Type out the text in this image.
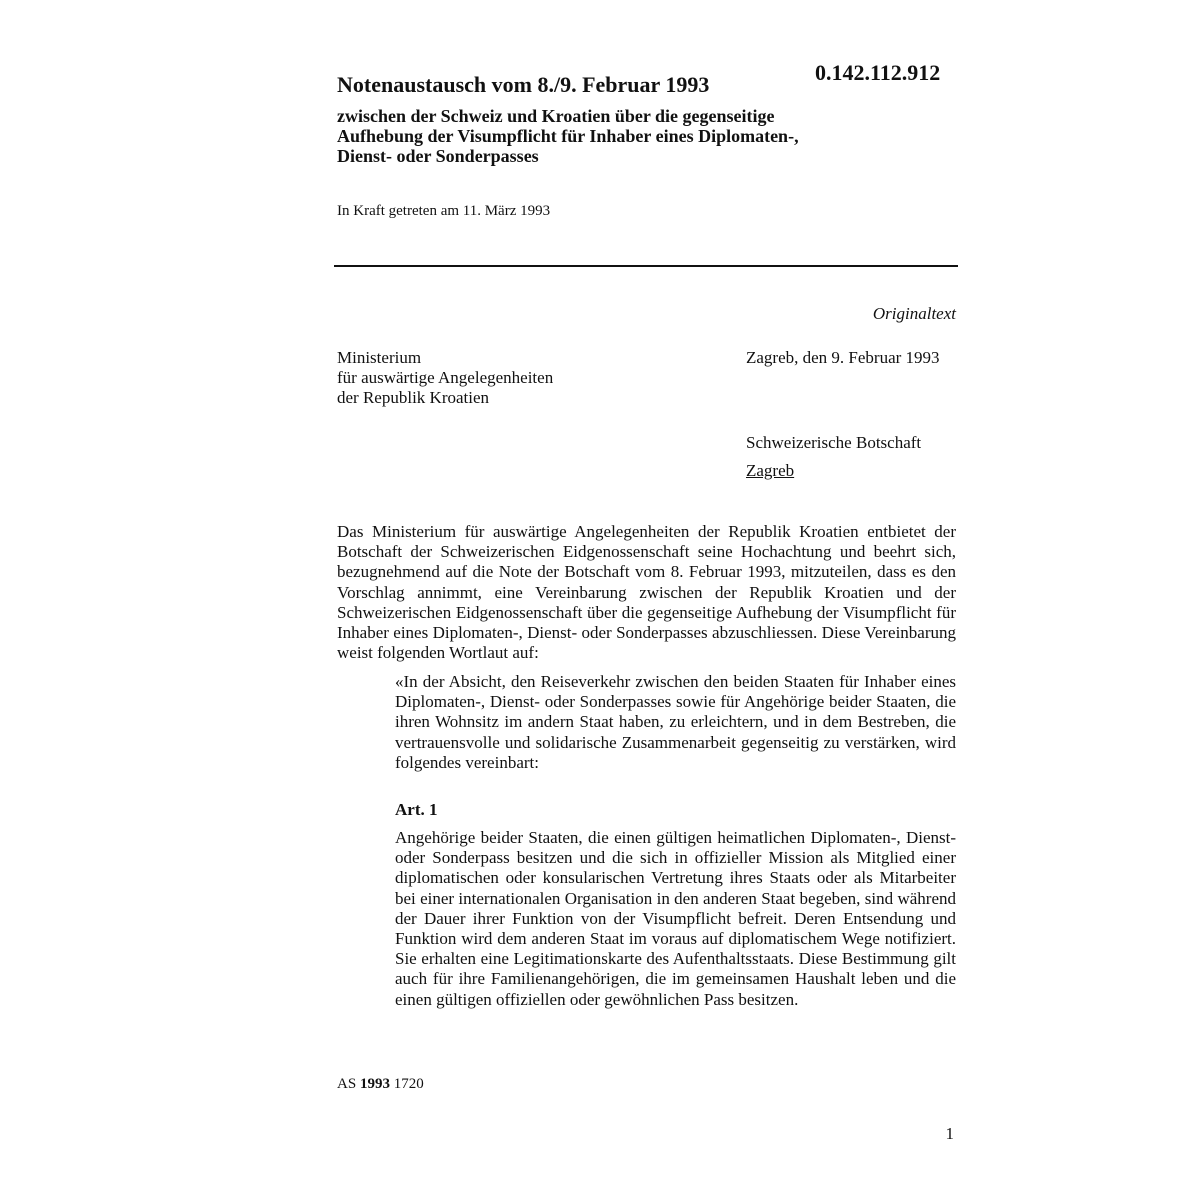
0.142.112.912
Notenaustausch vom 8./9. Februar 1993
zwischen der Schweiz und Kroatien über die gegenseitige Aufhebung der Visumpflicht für Inhaber eines Diplomaten-, Dienst- oder Sonderpasses
In Kraft getreten am 11. März 1993
Originaltext
Ministerium
für auswärtige Angelegenheiten
der Republik Kroatien
Zagreb, den 9. Februar 1993
Schweizerische Botschaft
Zagreb

Das Ministerium für auswärtige Angelegenheiten der Republik Kroatien entbietet der Botschaft der Schweizerischen Eidgenossenschaft seine Hochachtung und beehrt sich, bezugnehmend auf die Note der Botschaft vom 8. Februar 1993, mitzuteilen, dass es den Vorschlag annimmt, eine Vereinbarung zwischen der Republik Kroatien und der Schweizerischen Eidgenossenschaft über die gegenseitige Aufhebung der Visumpflicht für Inhaber eines Diplomaten-, Dienst- oder Sonderpasses abzuschliessen. Diese Vereinbarung weist folgenden Wortlaut auf:

«In der Absicht, den Reiseverkehr zwischen den beiden Staaten für Inhaber eines Diplomaten-, Dienst- oder Sonderpasses sowie für Angehörige beider Staaten, die ihren Wohnsitz im andern Staat haben, zu erleichtern, und in dem Bestreben, die vertrauensvolle und solidarische Zusammenarbeit gegenseitig zu verstärken, wird folgendes vereinbart:

Art. 1

Angehörige beider Staaten, die einen gültigen heimatlichen Diplomaten-, Dienst- oder Sonderpass besitzen und die sich in offizieller Mission als Mitglied einer diplomatischen oder konsularischen Vertretung ihres Staats oder als Mitarbeiter bei einer internationalen Organisation in den anderen Staat begeben, sind während der Dauer ihrer Funktion von der Visumpflicht befreit. Deren Entsendung und Funktion wird dem anderen Staat im voraus auf diplomatischem Wege notifiziert. Sie erhalten eine Legitimationskarte des Aufenthaltsstaats. Diese Bestimmung gilt auch für ihre Familienangehörigen, die im gemeinsamen Haushalt leben und die einen gültigen offiziellen oder gewöhnlichen Pass besitzen.

AS 1993 1720
1
